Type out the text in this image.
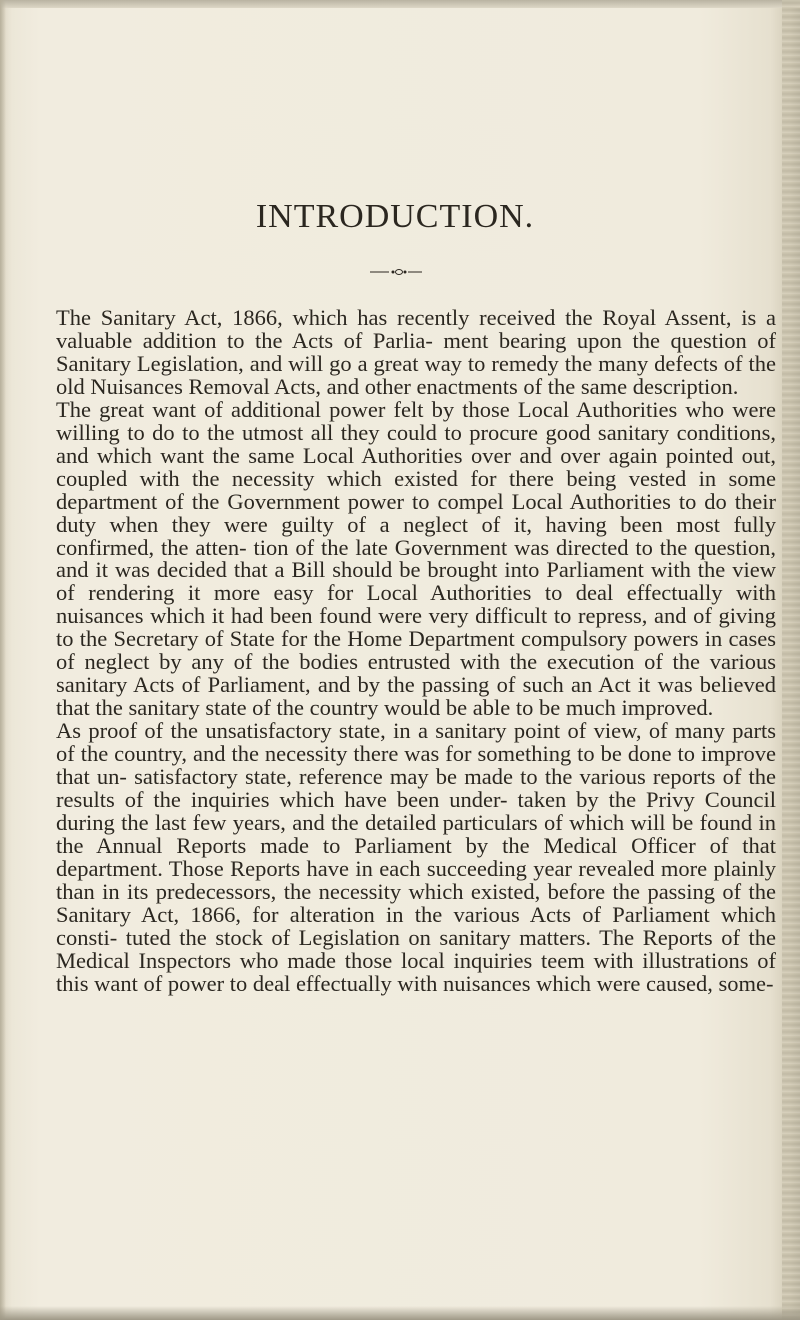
INTRODUCTION.

The Sanitary Act, 1866, which has recently received the Royal Assent, is a valuable addition to the Acts of Parlia- ment bearing upon the question of Sanitary Legislation, and will go a great way to remedy the many defects of the old Nuisances Removal Acts, and other enactments of the same description.

The great want of additional power felt by those Local Authorities who were willing to do to the utmost all they could to procure good sanitary conditions, and which want the same Local Authorities over and over again pointed out, coupled with the necessity which existed for there being vested in some department of the Government power to compel Local Authorities to do their duty when they were guilty of a neglect of it, having been most fully confirmed, the atten- tion of the late Government was directed to the question, and it was decided that a Bill should be brought into Parliament with the view of rendering it more easy for Local Authorities to deal effectually with nuisances which it had been found were very difficult to repress, and of giving to the Secretary of State for the Home Department compulsory powers in cases of neglect by any of the bodies entrusted with the execution of the various sanitary Acts of Parliament, and by the passing of such an Act it was believed that the sanitary state of the country would be able to be much improved.

As proof of the unsatisfactory state, in a sanitary point of view, of many parts of the country, and the necessity there was for something to be done to improve that un- satisfactory state, reference may be made to the various reports of the results of the inquiries which have been under- taken by the Privy Council during the last few years, and the detailed particulars of which will be found in the Annual Reports made to Parliament by the Medical Officer of that department. Those Reports have in each succeeding year revealed more plainly than in its predecessors, the necessity which existed, before the passing of the Sanitary Act, 1866, for alteration in the various Acts of Parliament which consti- tuted the stock of Legislation on sanitary matters. The Reports of the Medical Inspectors who made those local inquiries teem with illustrations of this want of power to deal effectually with nuisances which were caused, some-
